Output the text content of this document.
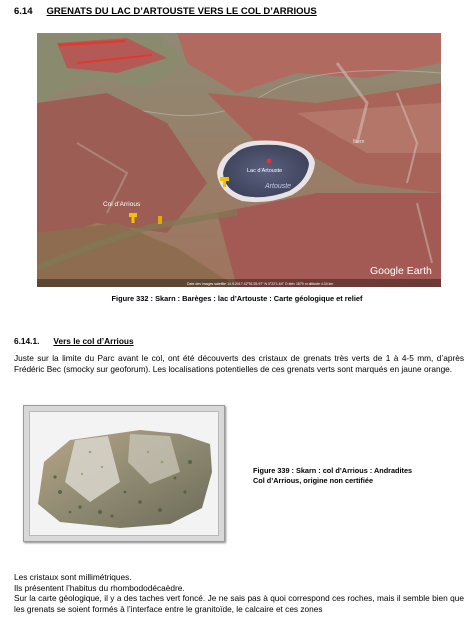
6.14 GRENATS DU LAC D’ARTOUSTE VERS LE COL D’ARRIOUS
Col d’Arrious
Lac d’Artouste
Artouste
Ibern
Date des images satellite 14.9.2017 42°51'25.97" N 0°22'1.64" O élév 1879 m altitude 4.34 km
Google Earth
Figure 332 : Skarn : Barèges : lac d’Artouste : Carte géologique et relief
6.14.1. Vers le col d’Arrious
Juste sur la limite du Parc avant le col, ont été découverts des cristaux de grenats très verts de 1 à 4-5 mm, d’après Frédéric Bec (smocky sur geoforum). Les localisations potentielles de ces grenats verts sont marqués en jaune orange.
Figure 339 : Skarn : col d’Arrious : Andradites
Col d’Arrious, origine non certifiée

Les cristaux sont millimétriques.

Ils présentent l’habitus du rhombododécaèdre.

Sur la carte géologique, il y a des taches vert foncé. Je ne sais pas à quoi correspond ces roches, mais il semble bien que les grenats se soient formés à l’interface entre le granitoïde, le calcaire et ces zones
